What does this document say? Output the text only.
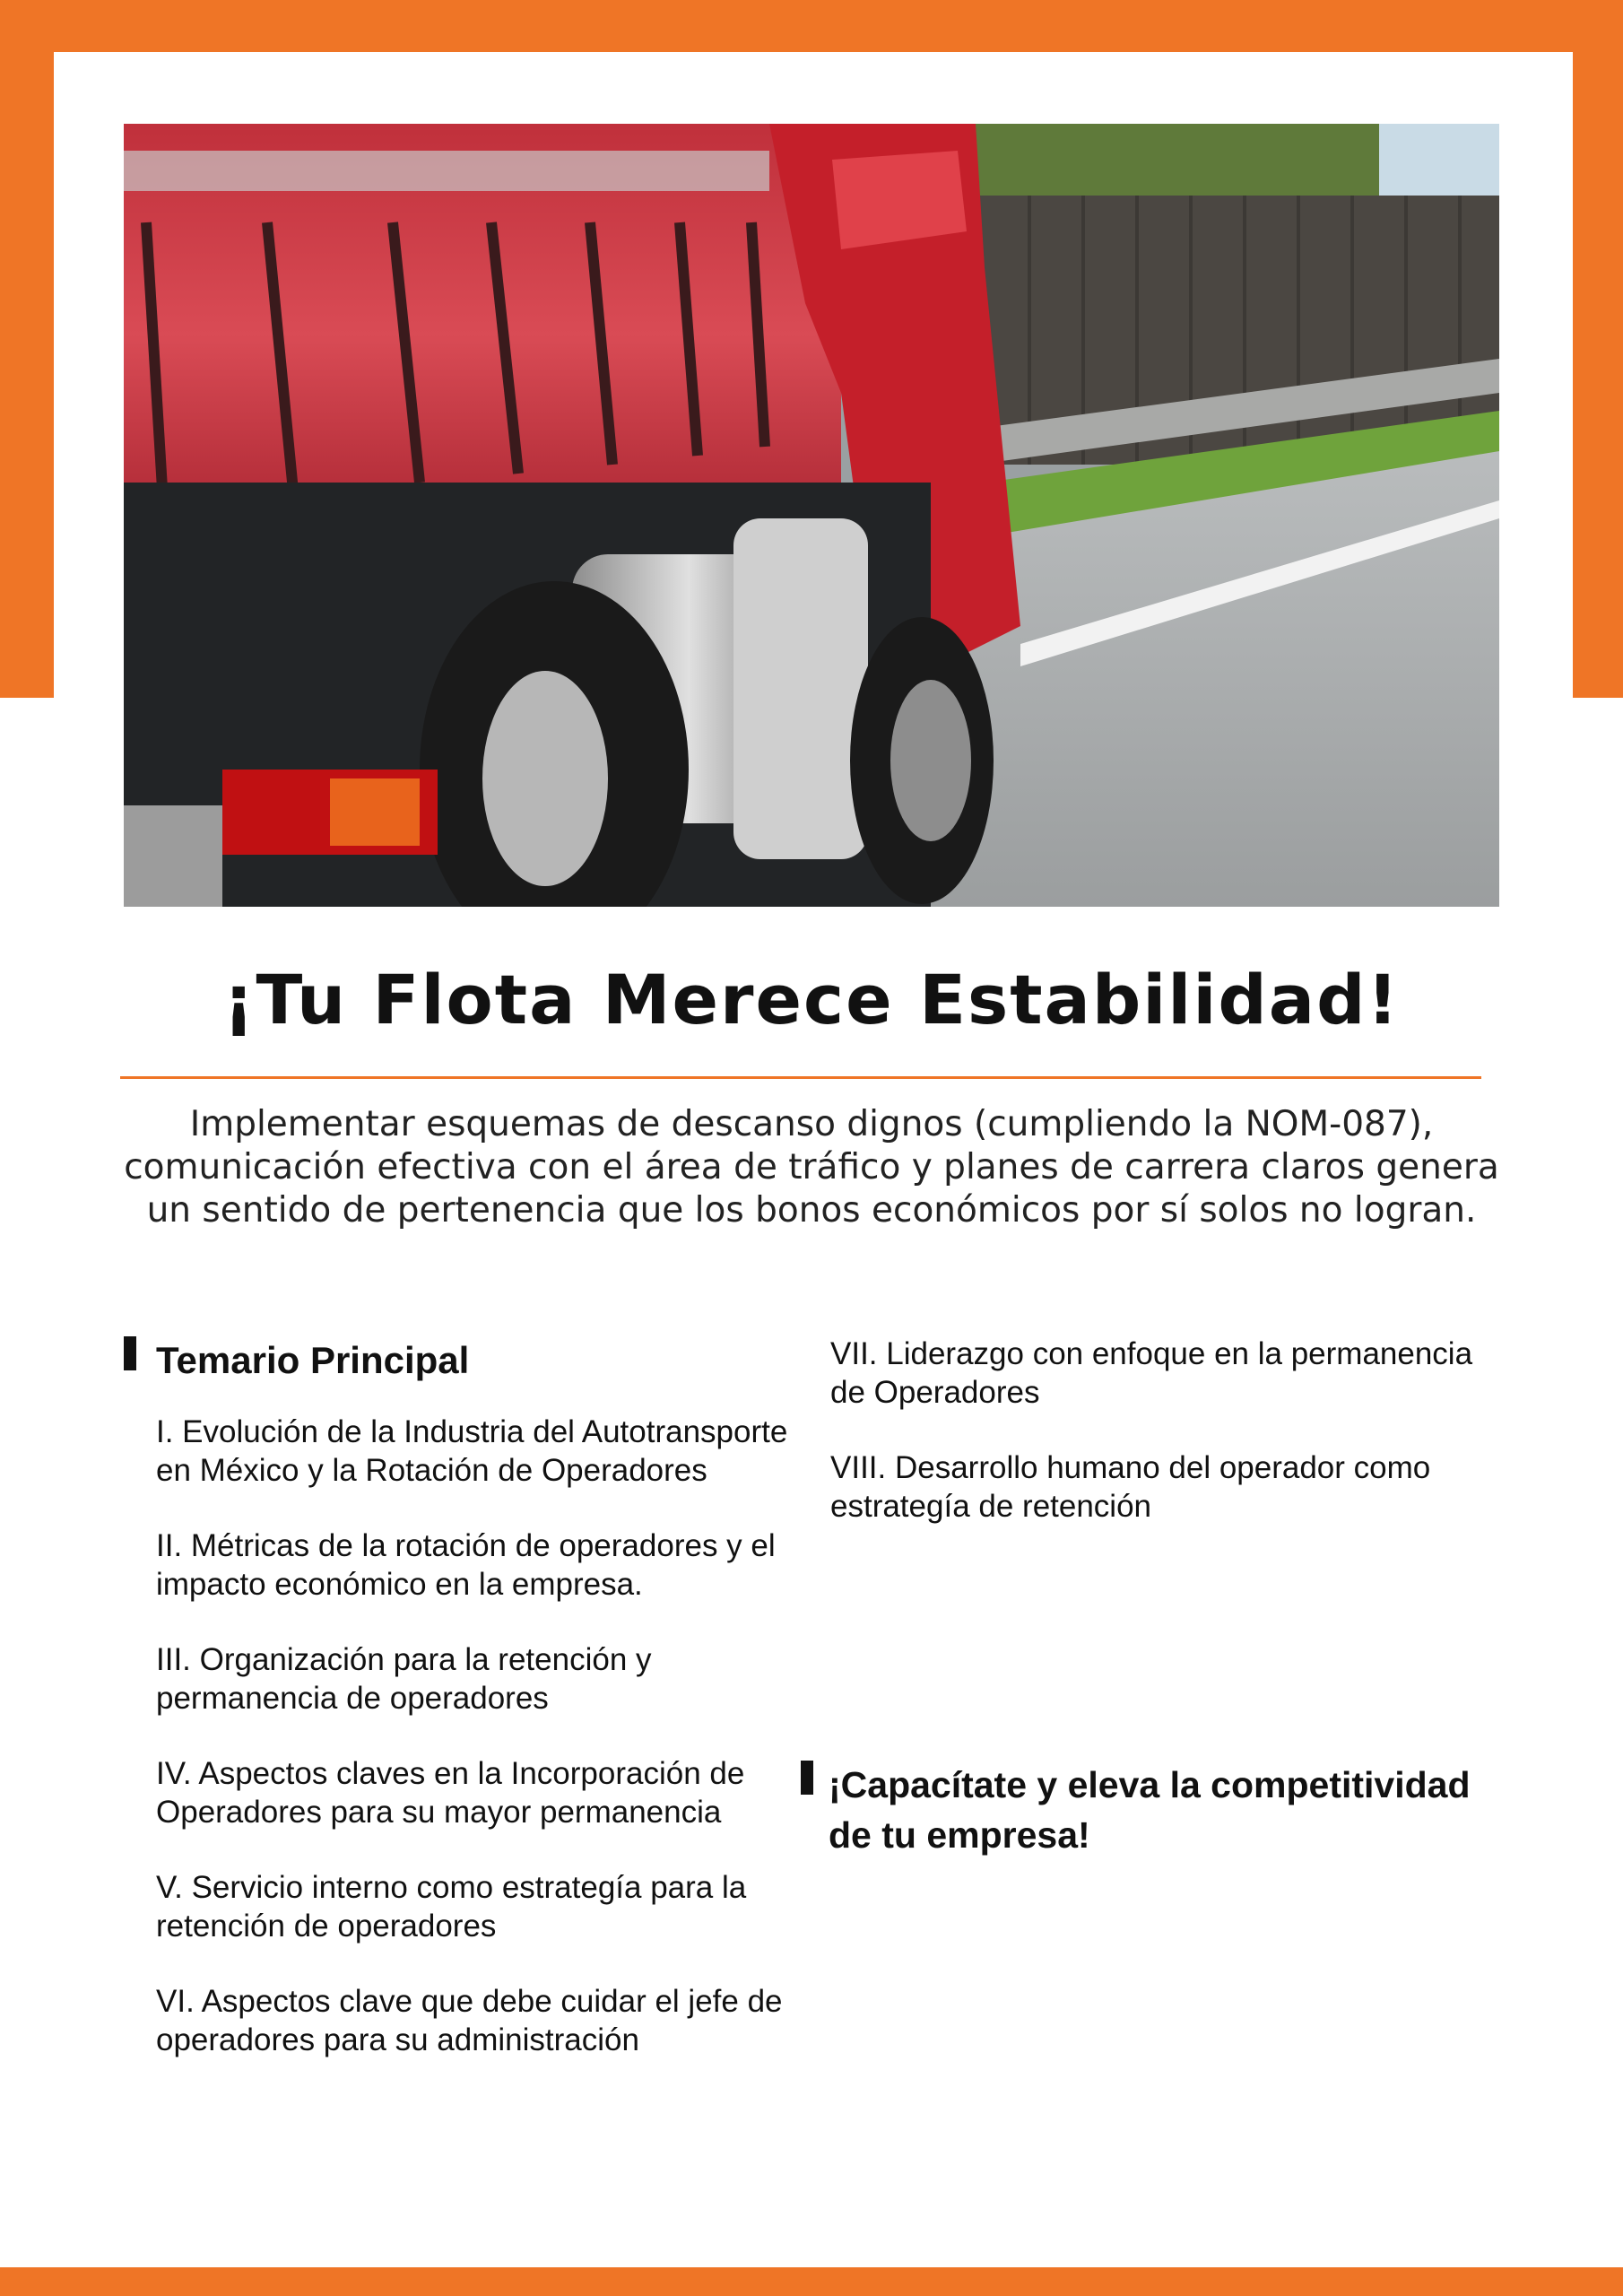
¡Tu Flota Merece Estabilidad!

Implementar esquemas de descanso dignos (cumpliendo la NOM-087), comunicación efectiva con el área de tráfico y planes de carrera claros genera un sentido de pertenencia que los bonos económicos por sí solos no logran.

Temario Principal
I. Evolución de la Industria del Autotransporte en México y la Rotación de Operadores
II. Métricas de la rotación de operadores y el impacto económico en la empresa.
III. Organización para la retención y permanencia de operadores
IV. Aspectos claves en la Incorporación de Operadores para su mayor permanencia
V. Servicio interno como estrategía para la retención de operadores
VI. Aspectos clave que debe cuidar el jefe de operadores para su administración
VII. Liderazgo con enfoque en la permanencia de Operadores
VIII. Desarrollo humano del operador como estrategía de retención

¡Capacítate y eleva la competitividad de tu empresa!
